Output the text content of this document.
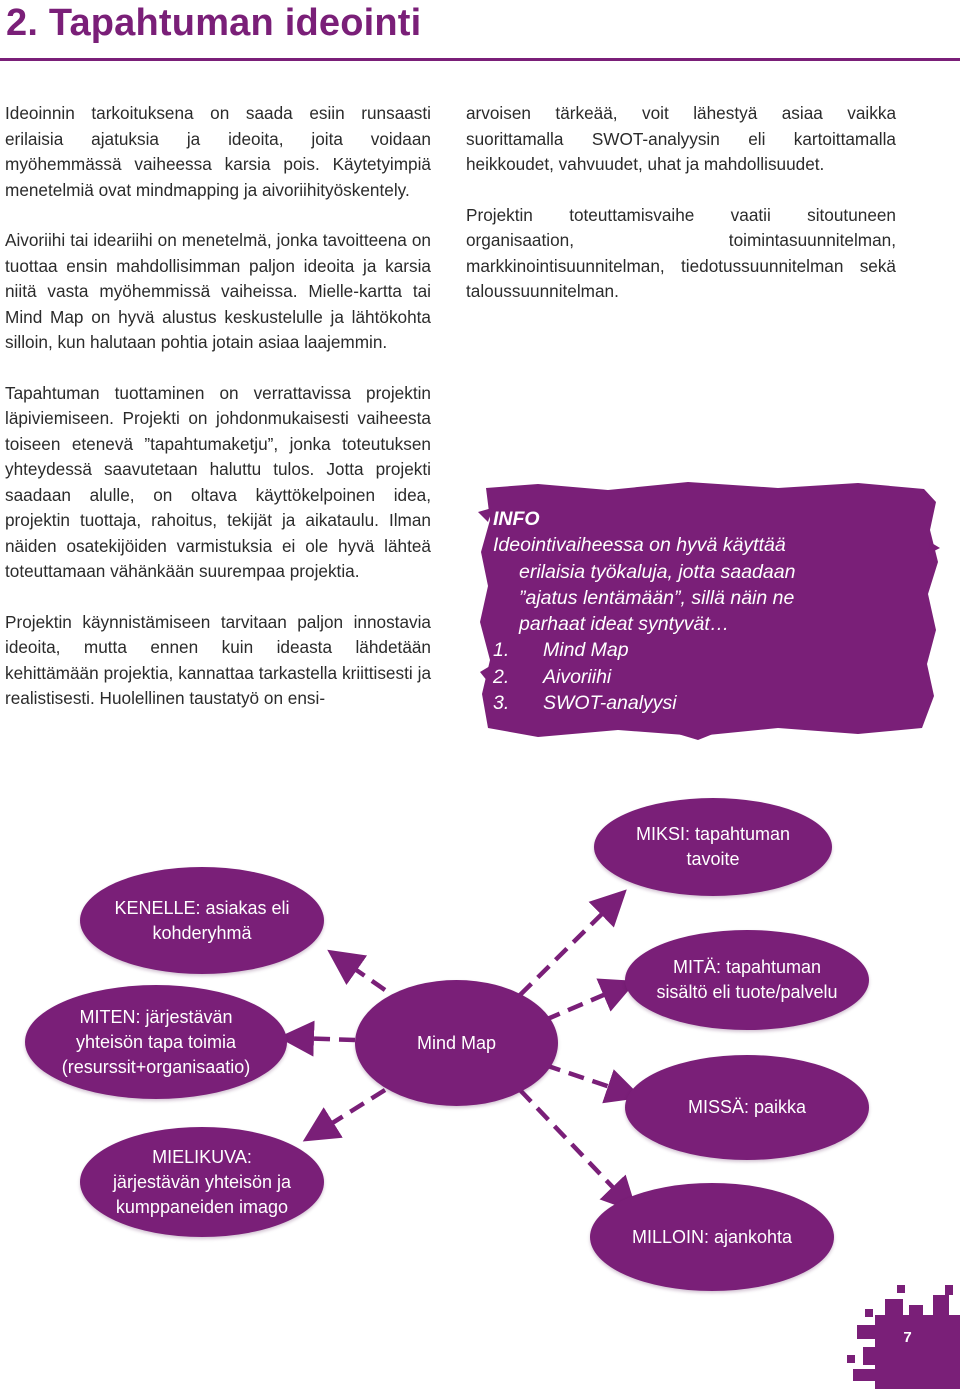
2. Tapahtuman ideointi

Ideoinnin tarkoituksena on saada esiin runsaasti erilaisia ajatuksia ja ideoita, joita voidaan myöhemmässä vaiheessa karsia pois. Käytetyimpiä menetelmiä ovat mindmapping ja aivoriihityöskentely.

Aivoriihi tai ideariihi on menetelmä, jonka tavoitteena on tuottaa ensin mahdollisimman paljon ideoita ja karsia niitä vasta myöhemmissä vaiheissa. Mielle-kartta tai Mind Map on hyvä alustus keskustelulle ja lähtökohta silloin, kun halutaan pohtia jotain asiaa laajemmin.

Tapahtuman tuottaminen on verrattavissa projektin läpiviemiseen. Projekti on johdonmukaisesti vaiheesta toiseen etenevä ”tapahtumaketju”, jonka toteutuksen yhteydessä saavutetaan haluttu tulos. Jotta projekti saadaan alulle, on oltava käyttökelpoinen idea, projektin tuottaja, rahoitus, tekijät ja aikataulu. Ilman näiden osatekijöiden varmistuksia ei ole hyvä lähteä toteuttamaan vähänkään suurempaa projektia.

Projektin käynnistämiseen tarvitaan paljon innostavia ideoita, mutta ennen kuin ideasta lähdetään kehittämään projektia, kannattaa tarkastella kriittisesti ja realistisesti. Huolellinen taustatyö on ensi-

arvoisen tärkeää, voit lähestyä asiaa vaikka suorittamalla SWOT-analyysin eli kartoittamalla heikkoudet, vahvuudet, uhat ja mahdollisuudet.

Projektin toteuttamisvaihe vaatii sitoutuneen organisaation, toimintasuunnitelman, markkinointisuunnitelman, tiedotussuunnitelman sekä taloussuunnitelman.

INFO
Ideointivaiheessa on hyvä käyttää
erilaisia työkaluja, jotta saadaan
”ajatus lentämään”, sillä näin ne
parhaat ideat syntyvät…
1.	Mind Map
2.	Aivoriihi
3.	SWOT-analyysi
KENELLE: asiakas eli
kohderyhmä
MITEN: järjestävän
yhteisön tapa toimia
(resurssit+organisaatio)
MIELIKUVA:
järjestävän yhteisön ja
kumppaneiden imago
Mind Map
MIKSI: tapahtuman
tavoite
MITÄ: tapahtuman
sisältö eli tuote/palvelu
MISSÄ: paikka
MILLOIN: ajankohta
7
